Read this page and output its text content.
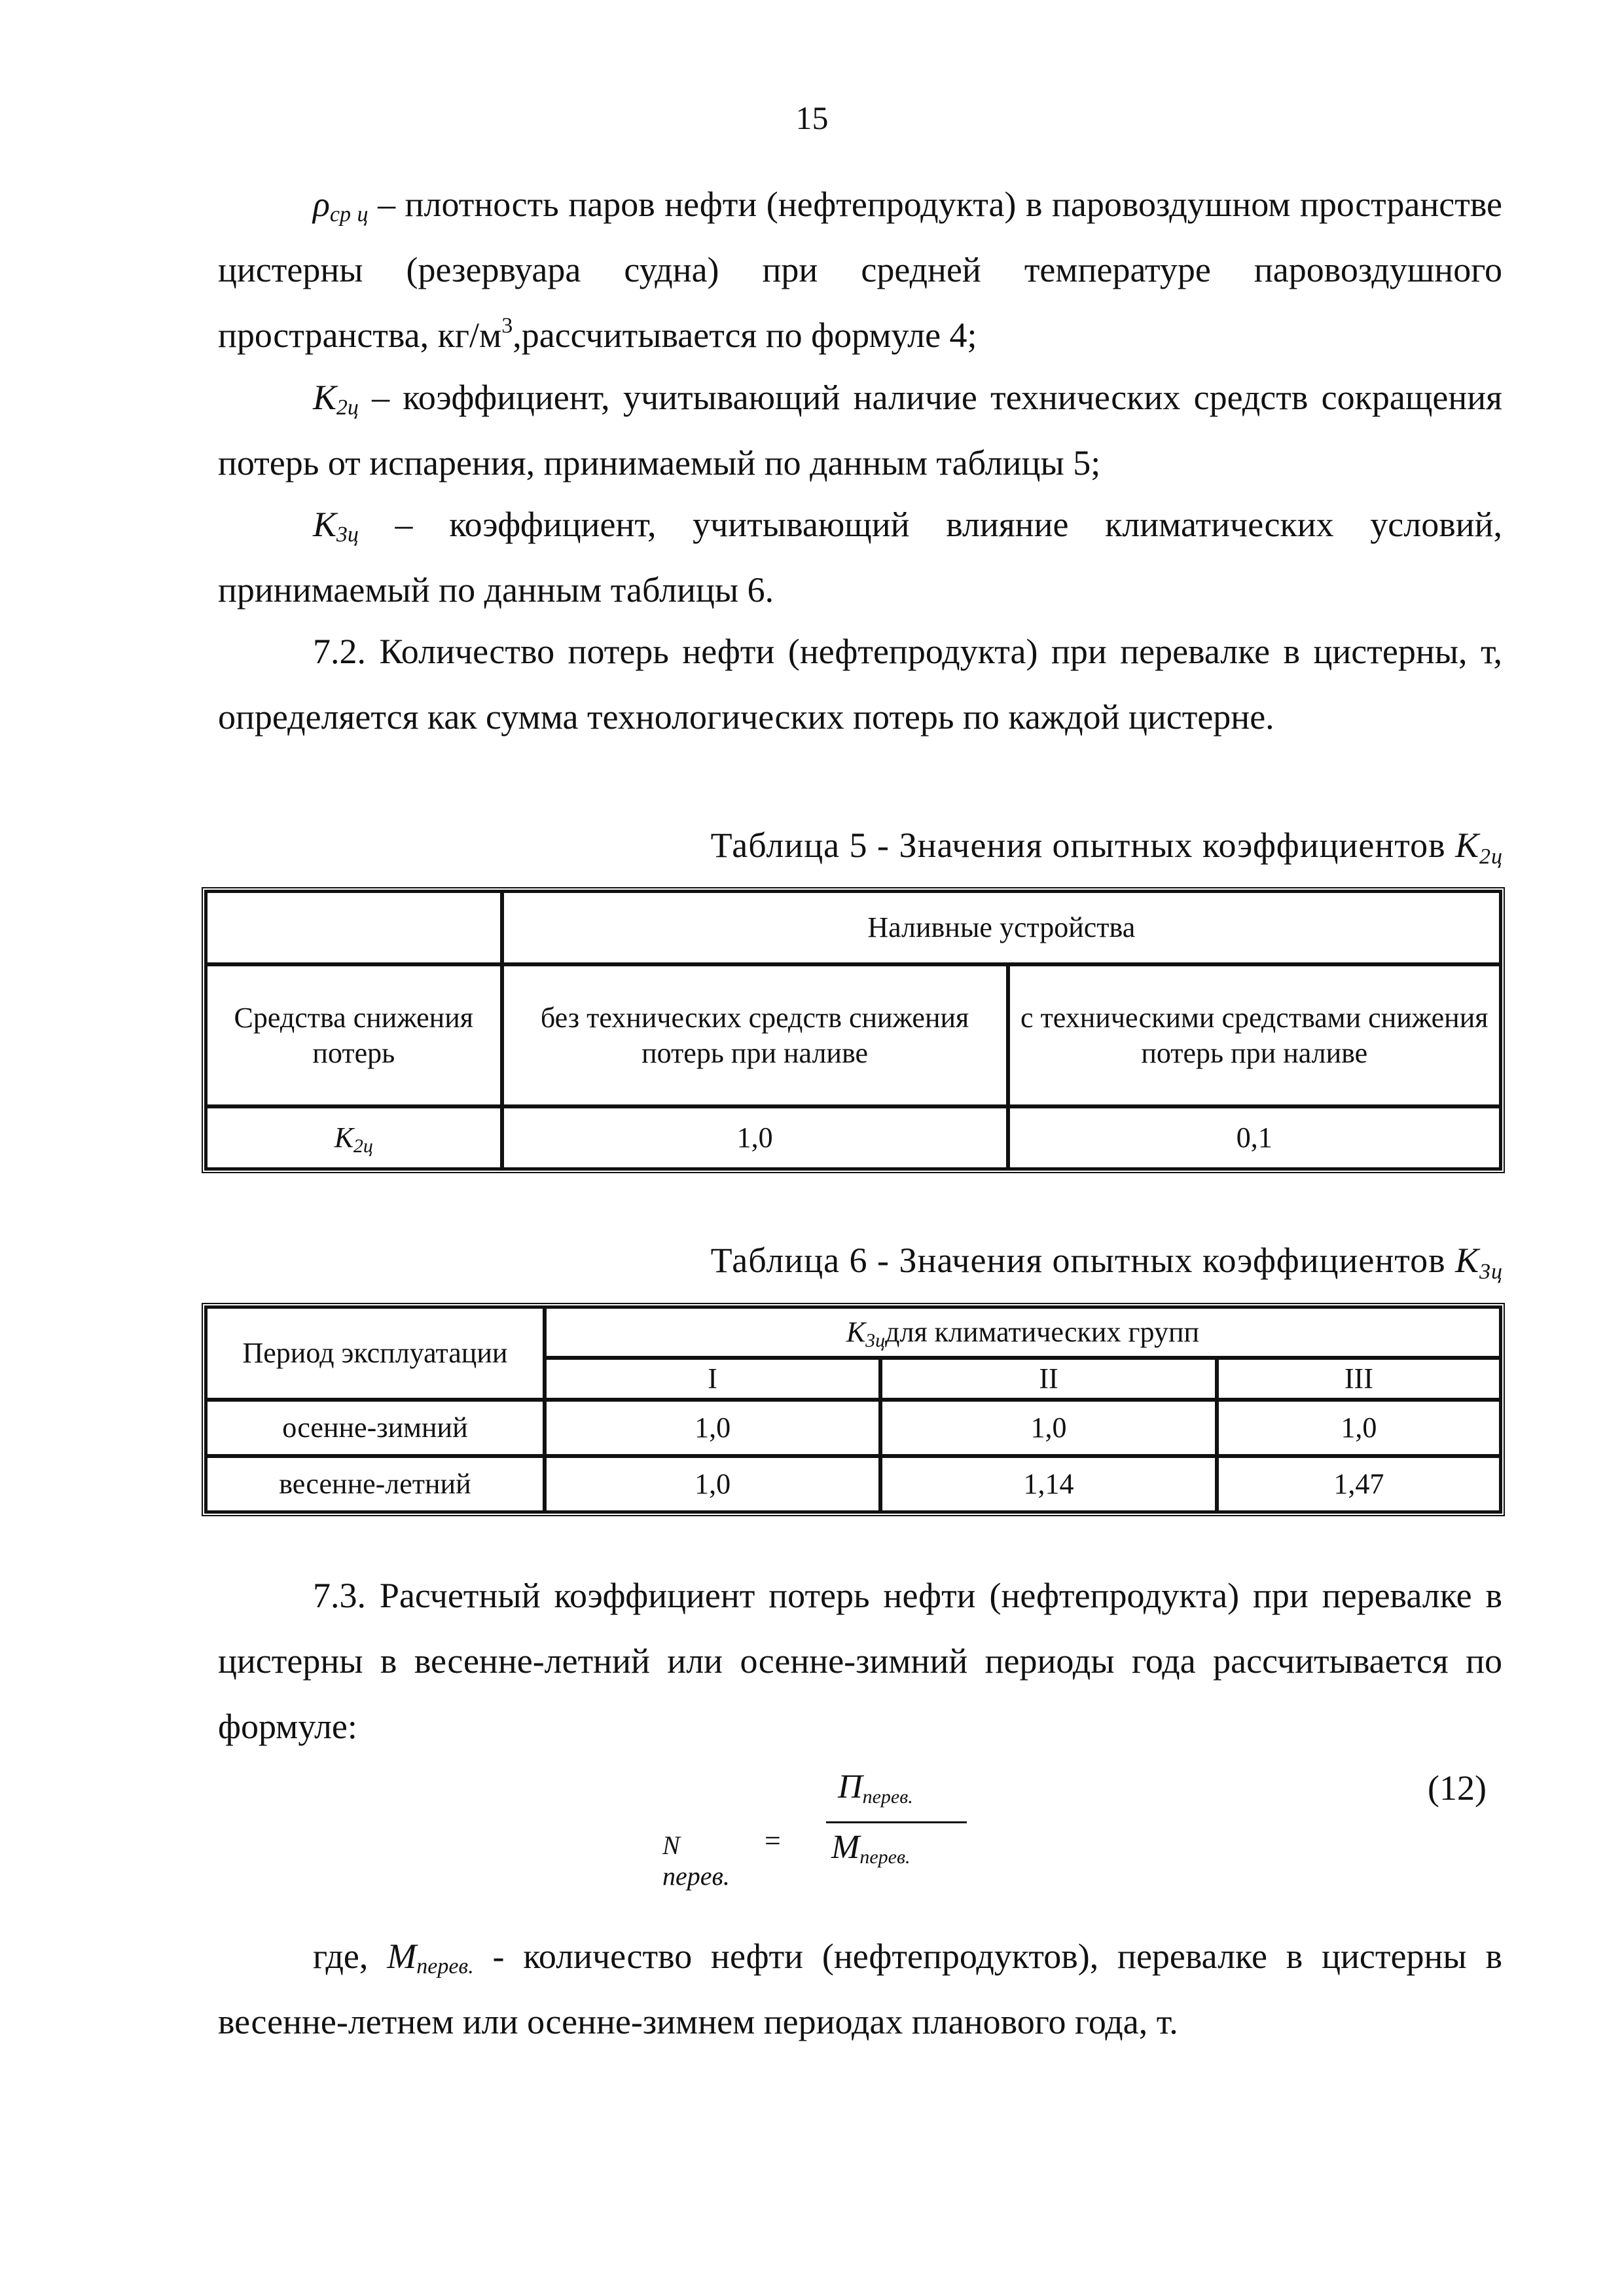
15

$\rho_{ср ц}$ – плотность паров нефти (нефтепродукта) в паровоздушном пространстве цистерны (резервуара судна) при средней температуре паровоздушного пространства, $кг/м^3,рассчитывается$ по формуле 4;

$К_{2ц}$ – коэффициент, учитывающий наличие технических средств сокращения потерь от испарения, принимаемый по данным таблицы 5;

$К_{3ц}$ – коэффициент, учитывающий влияние климатических условий, принимаемый по данным таблицы 6.

7.2. Количество потерь нефти (нефтепродукта) при перевалке в цистерны, т, определяется как сумма технологических потерь по каждой цистерне.

Таблица 5 - Значения опытных коэффициентов $К_{2ц}$
	Наливные устройства	
Средства снижения потерь	без технических средств снижения потерь при наливе	с техническими средствами снижения потерь при наливе
$К_{2ц}$	1,0	0,1
Таблица 6 - Значения опытных коэффициентов $К_{3ц}$
Период эксплуатации	$К_{3ц}для$ климатических групп		
	I	II	III
осенне-зимний	1,0	1,0	1,0
весенне-летний	1,0	1,14	1,47

7.3. Расчетный коэффициент потерь нефти (нефтепродукта) при перевалке в цистерны в весенне-летний или осенне-зимний периоды года рассчитывается по формуле:

$П_{перев.}$
N перев.
= $М_{перев.}$
(12)

где, $М_{перев.}$ - количество нефти (нефтепродуктов), перевалке в цистерны в весенне-летнем или осенне-зимнем периодах планового года, т.
